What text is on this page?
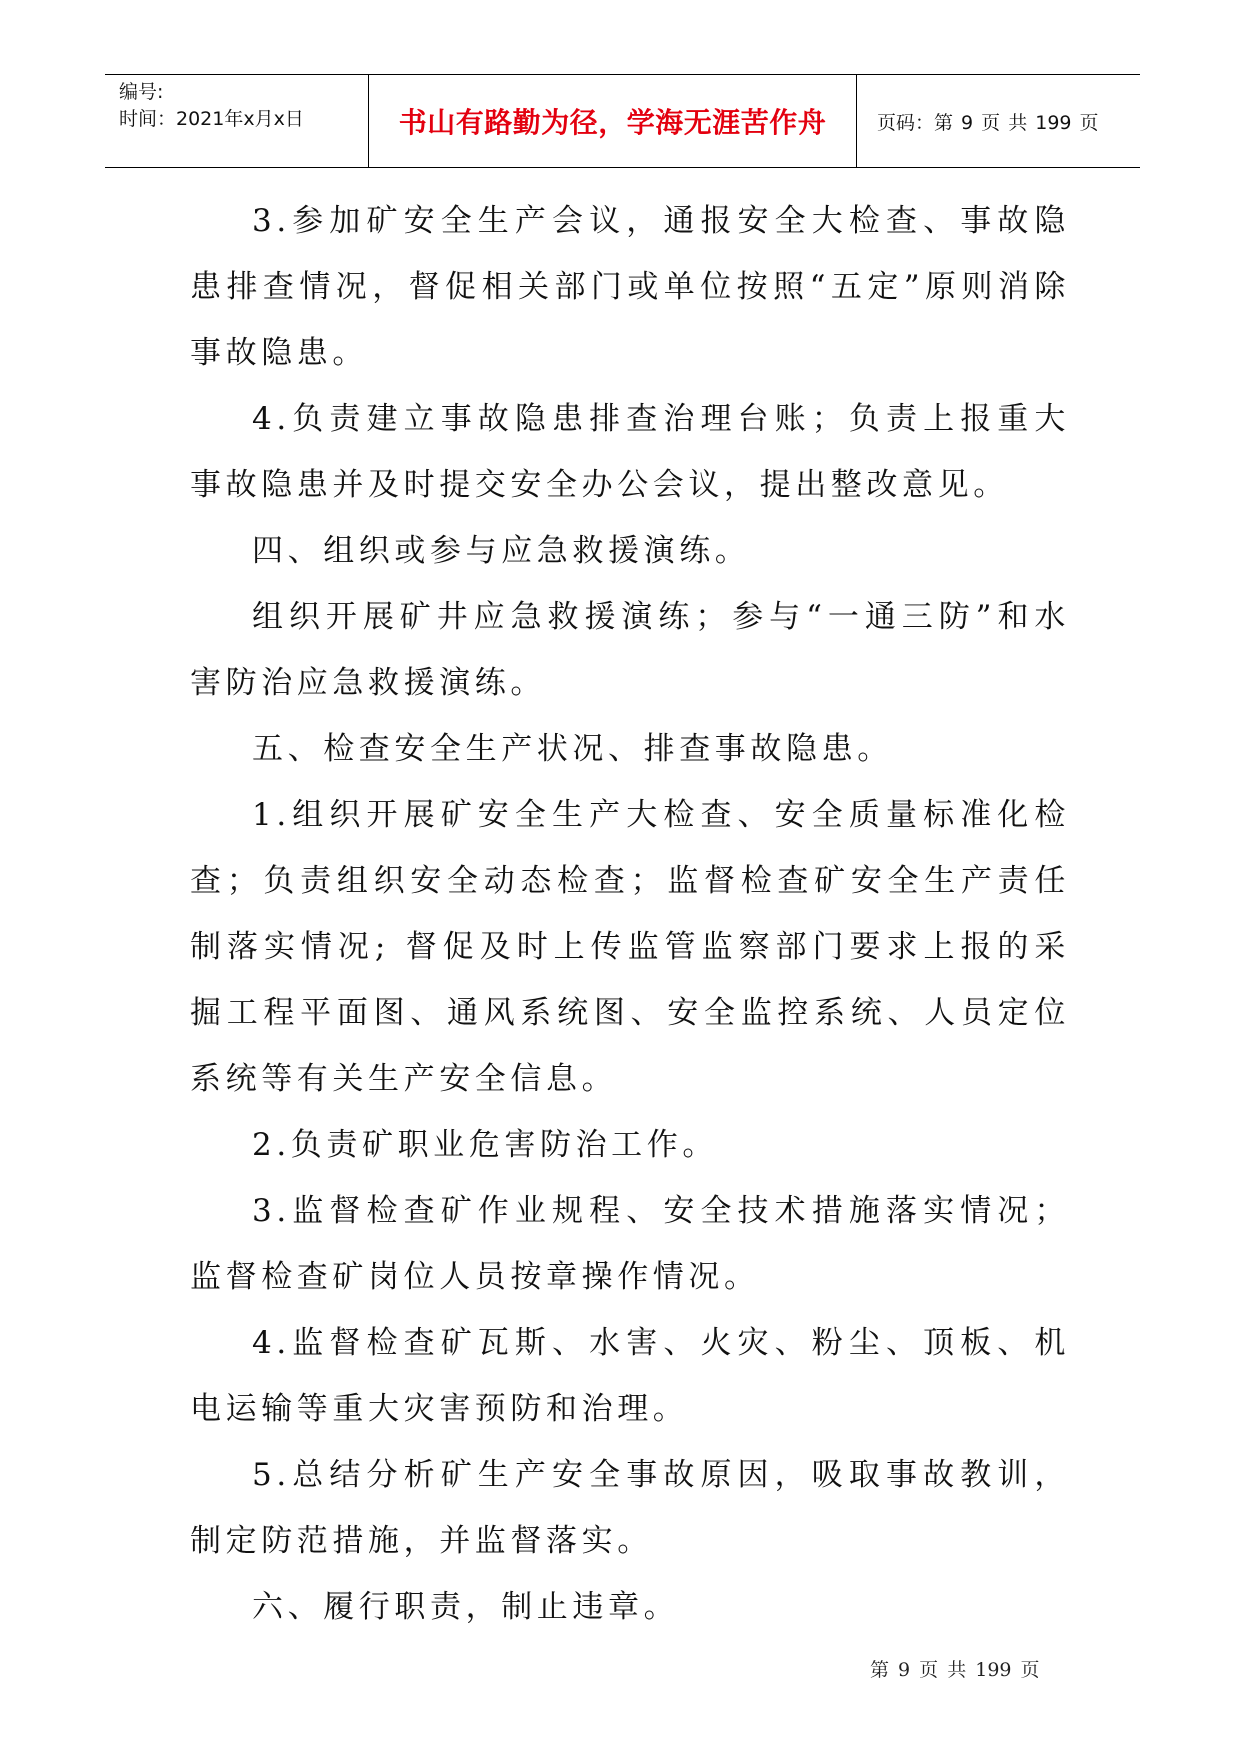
编号:
时间：2021年x月x日	书山有路勤为径，学海无涯苦作舟	页码：第 9 页 共 199 页

3.参加矿安全生产会议，通报安全大检查、事故隐患排查情况，督促相关部门或单位按照“五定”原则消除事故隐患。

4.负责建立事故隐患排查治理台账；负责上报重大事故隐患并及时提交安全办公会议，提出整改意见。

四、组织或参与应急救援演练。

组织开展矿井应急救援演练；参与“一通三防”和水害防治应急救援演练。

五、检查安全生产状况、排查事故隐患。

1.组织开展矿安全生产大检查、安全质量标准化检查；负责组织安全动态检查；监督检查矿安全生产责任制落实情况; 督促及时上传监管监察部门要求上报的采掘工程平面图、通风系统图、安全监控系统、人员定位系统等有关生产安全信息。

2.负责矿职业危害防治工作。

3.监督检查矿作业规程、安全技术措施落实情况；监督检查矿岗位人员按章操作情况。

4.监督检查矿瓦斯、水害、火灾、粉尘、顶板、机电运输等重大灾害预防和治理。

5.总结分析矿生产安全事故原因，吸取事故教训，制定防范措施，并监督落实。

六、履行职责，制止违章。

第 9 页 共 199 页
